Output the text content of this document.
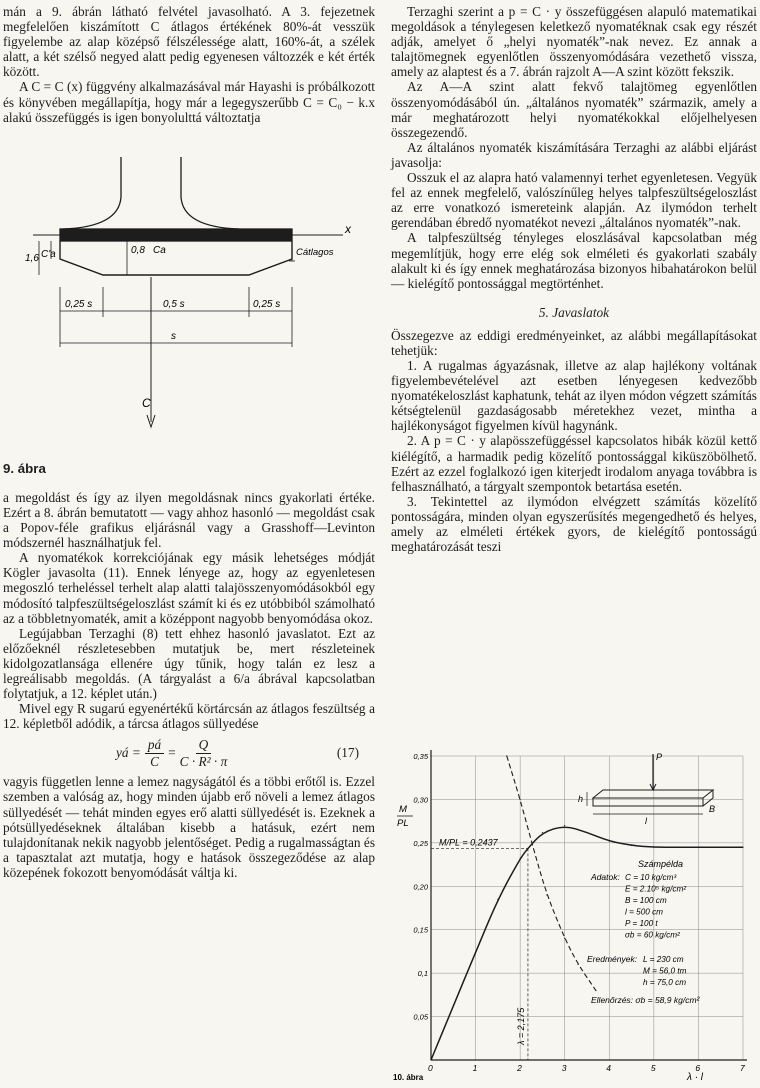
mán a 9. ábrán látható felvétel javasolható. A 3. fejezetnek megfelelően kiszámított C átlagos értékének 80%-át vesszük figyelembe az alap középső félszélessége alatt, 160%-át, a szélek alatt, a két szélső negyed alatt pedig egyenesen változzék e két érték között.

A C = C (x) függvény alkalmazásával már Hayashi is próbálkozott és könyvében megállapítja, hogy már a legegyszerűbb C = C₀ − k.x alakú összefüggés is igen bonyolulttá változtatja

x
C
1,6 C'a	0,8 Ca	Cátlagos
0,25 s	0,5 s	0,25 s
s

9. ábra

a megoldást és így az ilyen megoldásnak nincs gyakorlati értéke. Ezért a 8. ábrán bemutatott — vagy ahhoz hasonló — megoldást csak a Popov-féle grafikus eljárásnál vagy a Grasshoff—Levinton módszernél használhatjuk fel.

A nyomatékok korrekciójának egy másik lehetséges módját Kögler javasolta (11). Ennek lényege az, hogy az egyenletesen megoszló terheléssel terhelt alap alatti talajösszenyomódásokból egy módosító talpfeszültségeloszlást számít ki és ez utóbbiból számolható az a többletnyomaték, amit a középpont nagyobb benyomódása okoz.

Legújabban Terzaghi (8) tett ehhez hasonló javaslatot. Ezt az előzőeknél részletesebben mutatjuk be, mert részleteinek kidolgozatlansága ellenére úgy tűnik, hogy talán ez lesz a legreálisabb megoldás. (A tárgyalást a 6/a ábrával kapcsolatban folytatjuk, a 12. képlet után.)

Mivel egy R sugarú egyenértékű körtárcsán az átlagos feszültség a 12. képletből adódik, a tárcsa átlagos süllyedése

yá = $\frac{pá}{C} = \frac{Q}{\text{C · R² · π}}$	(17)

vagyis független lenne a lemez nagyságától és a többi erőtől is. Ezzel szemben a valóság az, hogy minden újabb erő növeli a lemez átlagos süllyedését — tehát minden egyes erő alatti süllyedését is. Ezeknek a pótsüllyedéseknek általában kisebb a hatásuk, ezért nem tulajdonítanak nekik nagyobb jelentőséget. Pedig a rugalmasságtan és a tapasztalat azt mutatja, hogy e hatások összegeződése az alap közepének fokozott benyomódását váltja ki.

Terzaghi szerint a p = C · y összefüggésen alapuló matematikai megoldások a ténylegesen keletkező nyomatéknak csak egy részét adják, amelyet ő „helyi nyomaték”-nak nevez. Ez annak a talajtömegnek egyenlőtlen összenyomódására vezethető vissza, amely az alaptest és a 7. ábrán rajzolt A—A szint között fekszik.

Az A—A szint alatt fekvő talajtömeg egyenlőtlen összenyomódásából ún. „általános nyomaték” származik, amely a már meghatározott helyi nyomatékokkal előjelhelyesen összegezendő.

Az általános nyomaték kiszámítására Terzaghi az alábbi eljárást javasolja:

Osszuk el az alapra ható valamennyi terhet egyenletesen. Vegyük fel az ennek megfelelő, valószínűleg helyes talpfeszültségeloszlást az erre vonatkozó ismereteink alapján. Az ilymódon terhelt gerendában ébredő nyomatékot nevezi „általános nyomaték”-nak.

A talpfeszültség tényleges eloszlásával kapcsolatban még megemlítjük, hogy erre elég sok elméleti és gyakorlati szabály alakult ki és így ennek meghatározása bizonyos hibahatárokon belül — kielégítő pontossággal megtörténhet.

5. Javaslatok

Összegezve az eddigi eredményeinket, az alábbi megállapításokat tehetjük:

1. A rugalmas ágyazásnak, illetve az alap hajlékony voltának figyelembevételével azt esetben lényegesen kedvezőbb nyomatékeloszlást kaphatunk, tehát az ilyen módon végzett számítás kétségtelenül gazdaságosabb méretekhez vezet, mintha a hajlékonyságot figyelmen kívül hagynánk.

2. A p = C · y alapösszefüggéssel kapcsolatos hibák közül kettő kiélégítő, a harmadik pedig közelítő pontossággal kiküszöbölhető. Ezért az ezzel foglalkozó igen kiterjedt irodalom anyaga továbbra is felhasználható, a tárgyalt szempontok betartása esetén.

3. Tekintettel az ilymódon elvégzett számítás közelítő pontosságára, minden olyan egyszerűsítés megengedhető és helyes, amely az elméleti értékek gyors, de kielégítő pontosságú meghatározását teszi

0	1	2	3	4	5	6	7
0,05
0,1
0,15
0,20
0,25
0,30
0,35	P
h
B
l
M
PL
M/PL = 0,2437
λ = 2,175
Számpélda
Adatok: C = 10 kg/cm³
E = 2.10⁵ kg/cm²
B = 100 cm
l = 500 cm
P = 100 t
σb = 60 kg/cm²
Eredmények: L = 230 cm
M = 56,0 tm
h = 75,0 cm
Ellenőrzés: σb = 58,9 kg/cm²
λ · l
10. ábra
